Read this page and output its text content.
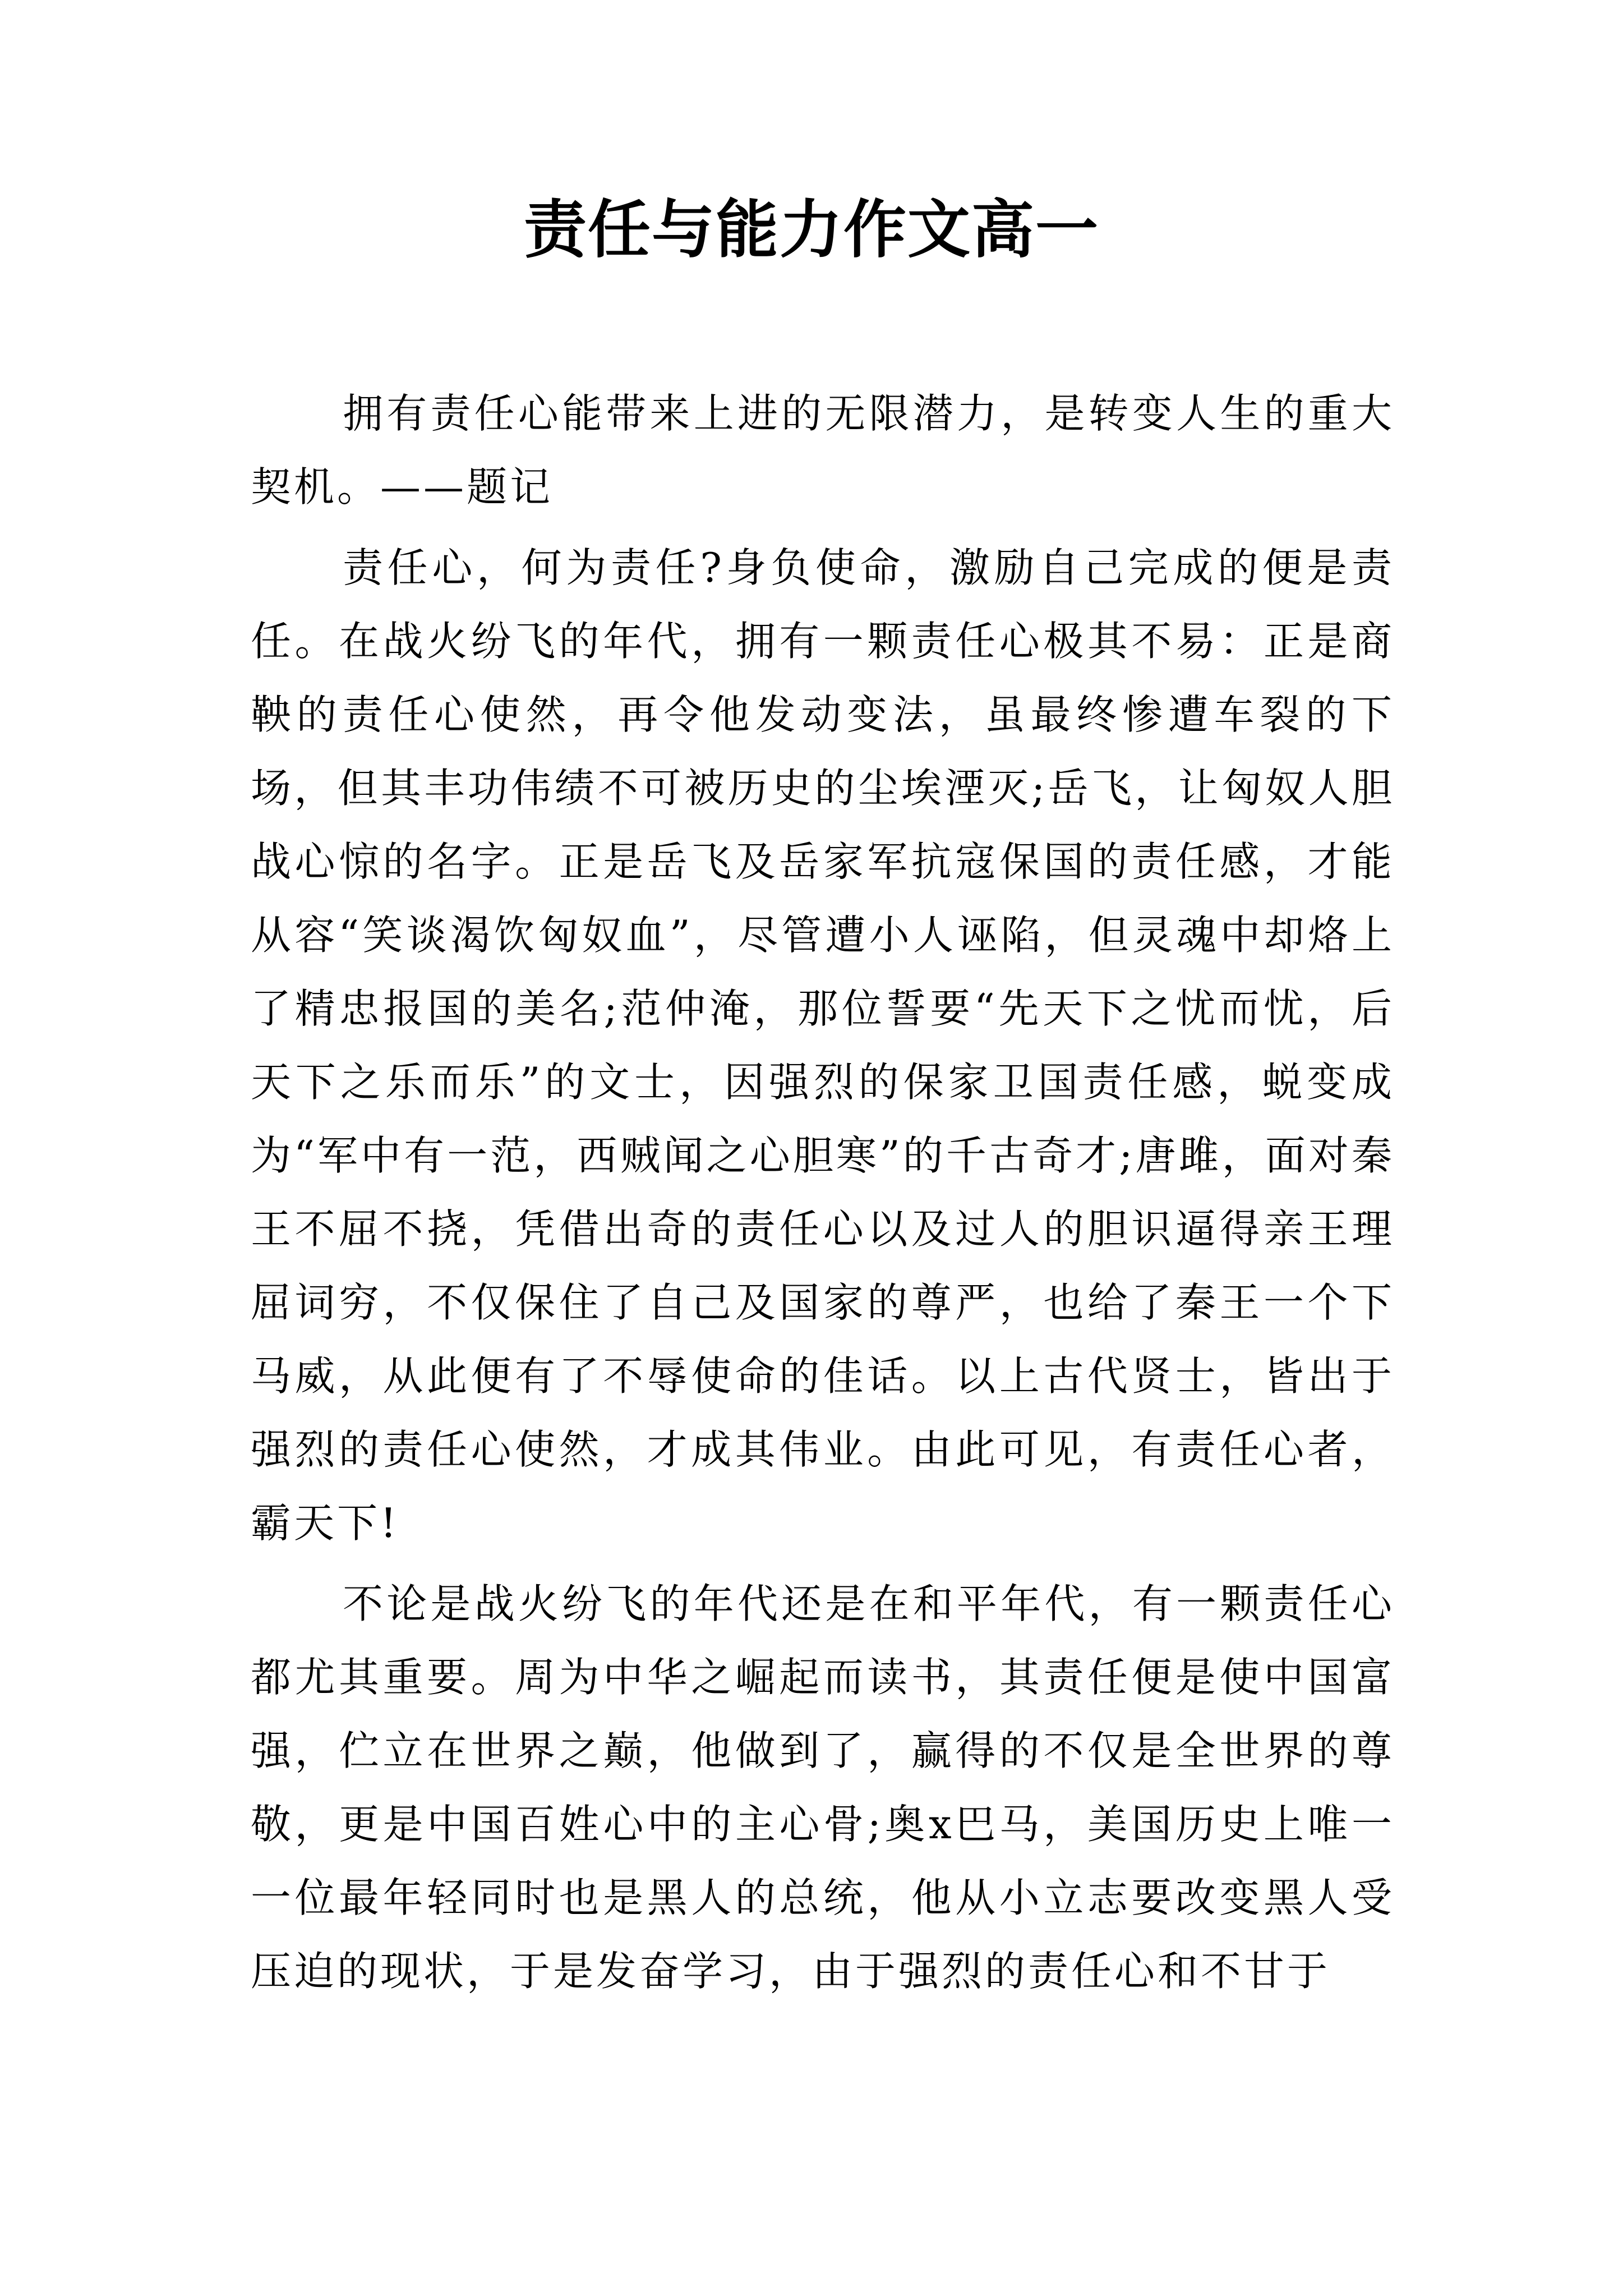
责任与能力作文高一

拥有责任心能带来上进的无限潜力，是转变人生的重大契机。——题记

责任心，何为责任?身负使命，激励自己完成的便是责任。在战火纷飞的年代，拥有一颗责任心极其不易：正是商鞅的责任心使然，再令他发动变法，虽最终惨遭车裂的下场，但其丰功伟绩不可被历史的尘埃湮灭;岳飞，让匈奴人胆战心惊的名字。正是岳飞及岳家军抗寇保国的责任感，才能从容“笑谈渴饮匈奴血”，尽管遭小人诬陷，但灵魂中却烙上了精忠报国的美名;范仲淹，那位誓要“先天下之忧而忧，后天下之乐而乐”的文士，因强烈的保家卫国责任感，蜕变成为“军中有一范，西贼闻之心胆寒”的千古奇才;唐雎，面对秦王不屈不挠，凭借出奇的责任心以及过人的胆识逼得亲王理屈词穷，不仅保住了自己及国家的尊严，也给了秦王一个下马威，从此便有了不辱使命的佳话。以上古代贤士，皆出于强烈的责任心使然，才成其伟业。由此可见，有责任心者，霸天下!

不论是战火纷飞的年代还是在和平年代，有一颗责任心都尤其重要。周为中华之崛起而读书，其责任便是使中国富强，伫立在世界之巅，他做到了，赢得的不仅是全世界的尊敬，更是中国百姓心中的主心骨;奥x巴马，美国历史上唯一一位最年轻同时也是黑人的总统，他从小立志要改变黑人受压迫的现状，于是发奋学习，由于强烈的责任心和不甘于
